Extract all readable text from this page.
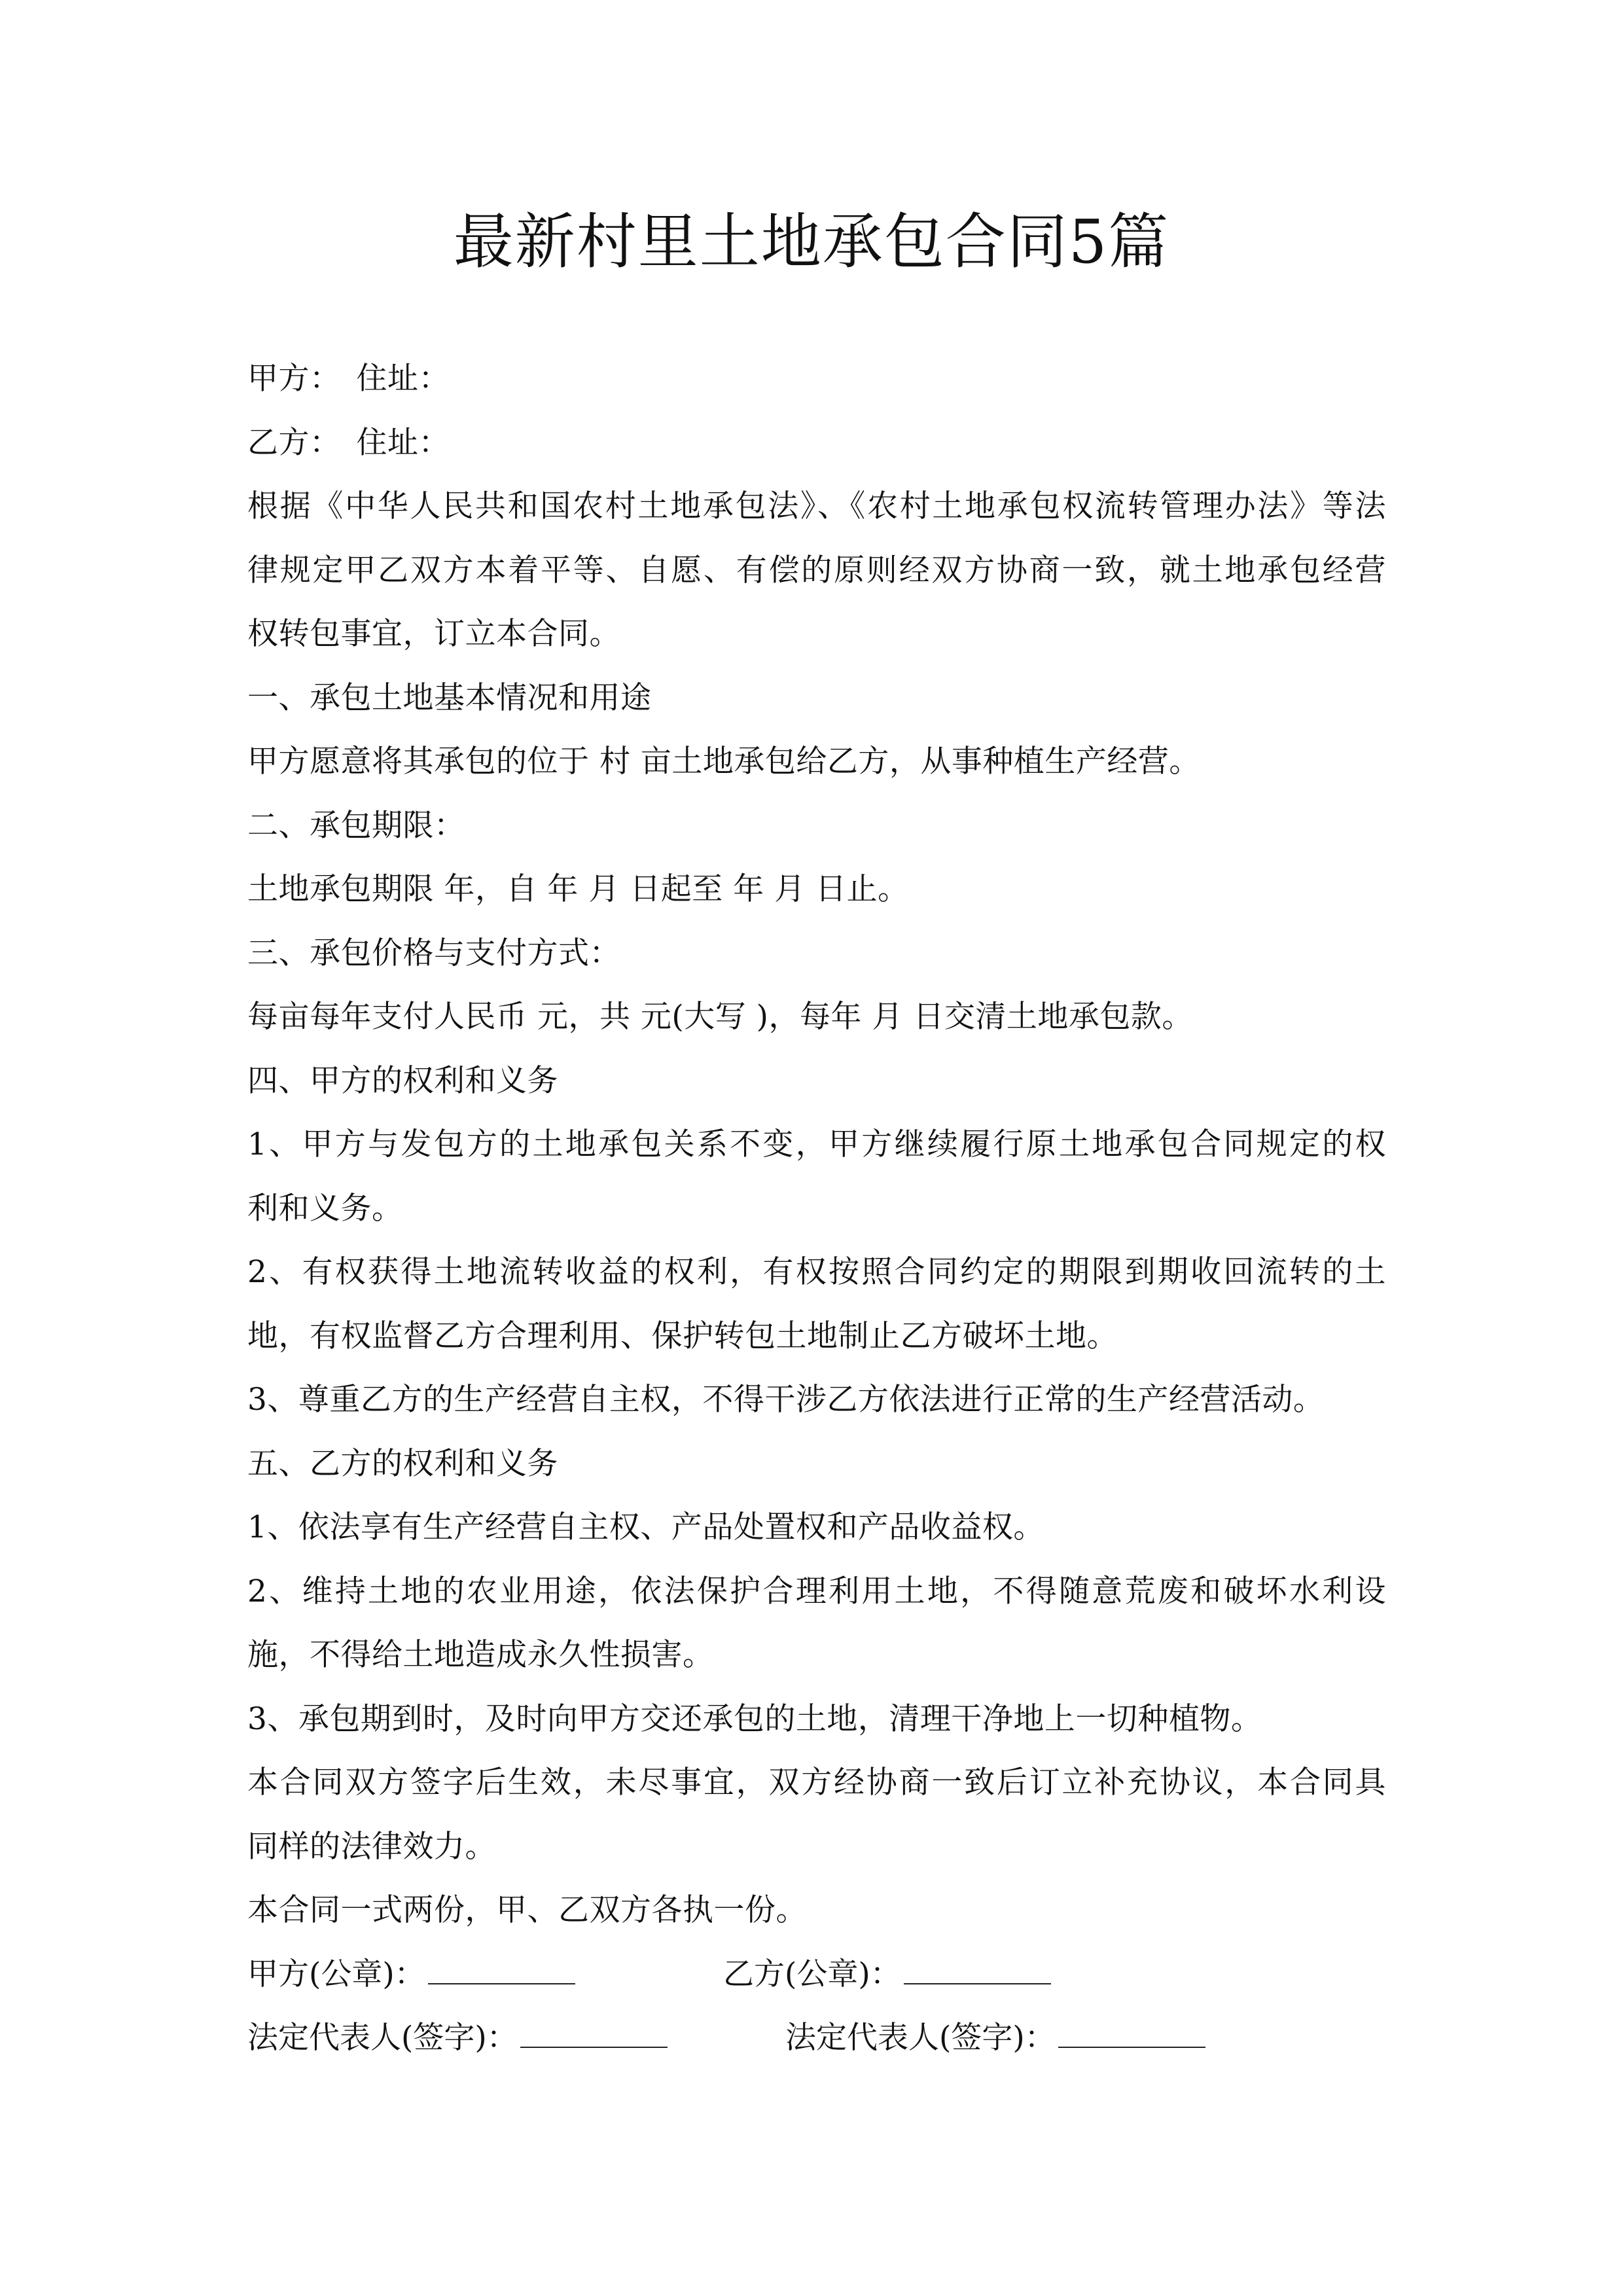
最新村里土地承包合同5篇

甲方：　住址：

乙方：　住址：

根据《中华人民共和国农村土地承包法》、《农村土地承包权流转管理办法》等法

律规定甲乙双方本着平等、自愿、有偿的原则经双方协商一致，就土地承包经营

权转包事宜，订立本合同。

一、承包土地基本情况和用途

甲方愿意将其承包的位于 村 亩土地承包给乙方，从事种植生产经营。

二、承包期限：

土地承包期限 年，自 年 月 日起至 年 月 日止。

三、承包价格与支付方式：

每亩每年支付人民币 元，共 元(大写 )，每年 月 日交清土地承包款。

四、甲方的权利和义务

1、甲方与发包方的土地承包关系不变，甲方继续履行原土地承包合同规定的权

利和义务。

2、有权获得土地流转收益的权利，有权按照合同约定的期限到期收回流转的土

地，有权监督乙方合理利用、保护转包土地制止乙方破坏土地。

3、尊重乙方的生产经营自主权，不得干涉乙方依法进行正常的生产经营活动。

五、乙方的权利和义务

1、依法享有生产经营自主权、产品处置权和产品收益权。

2、维持土地的农业用途，依法保护合理利用土地，不得随意荒废和破坏水利设

施，不得给土地造成永久性损害。

3、承包期到时，及时向甲方交还承包的土地，清理干净地上一切种植物。

本合同双方签字后生效，未尽事宜，双方经协商一致后订立补充协议，本合同具

同样的法律效力。

本合同一式两份，甲、乙双方各执一份。

甲方(公章)：	乙方(公章)：
法定代表人(签字)：	法定代表人(签字)：
